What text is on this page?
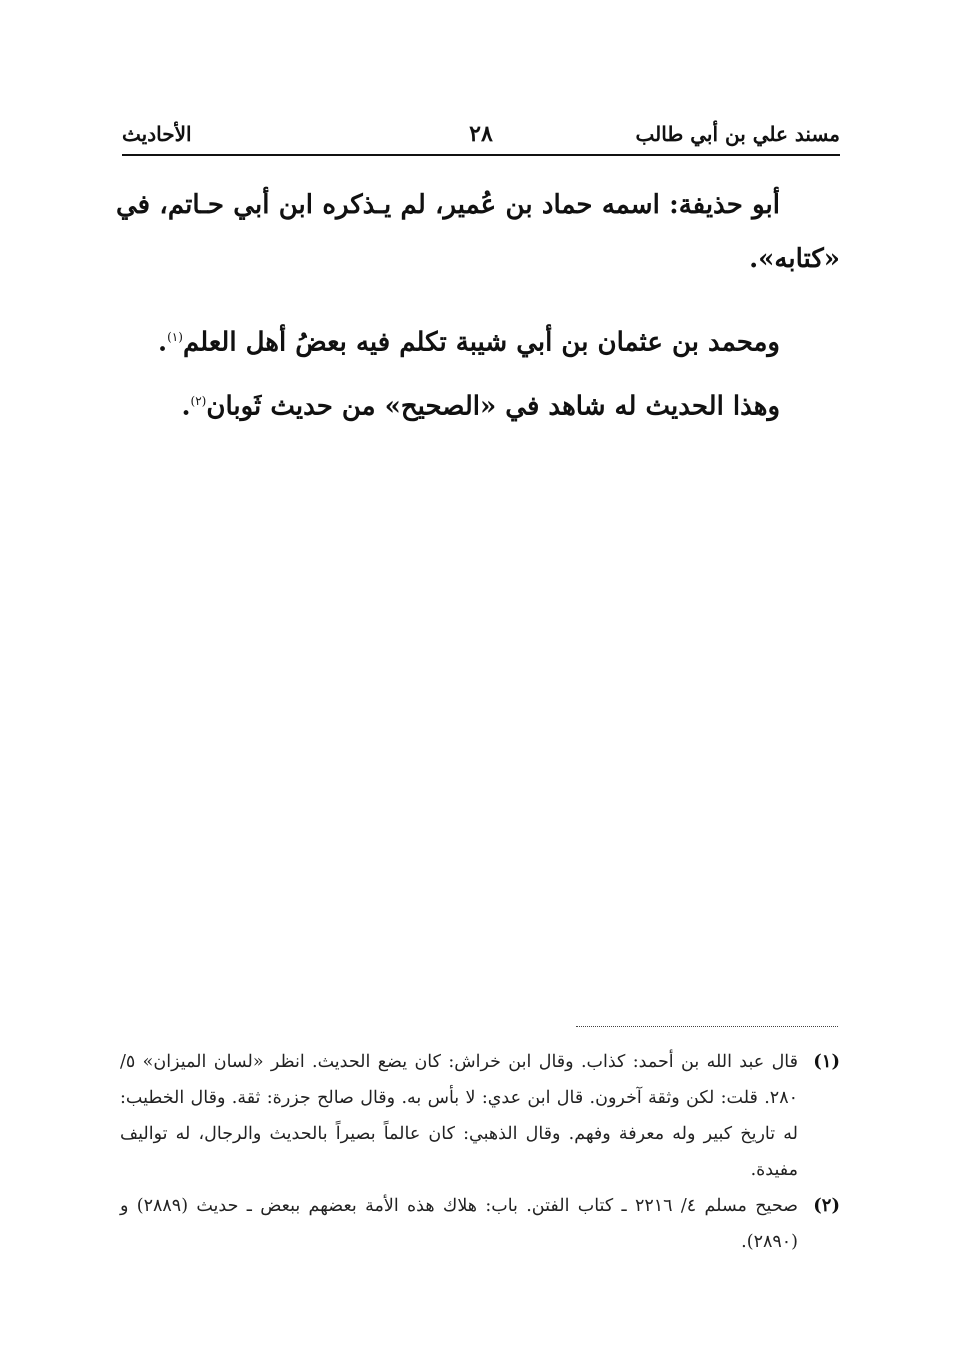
مسند علي بن أبي طالب
٢٨
الأحاديث

أبو حذيفة: اسمه حماد بن عُمير، لم يـذكره ابن أبي حـاتم، في «كتابه».

ومحمد بن عثمان بن أبي شيبة تكلم فيه بعضُ أهل العلم$^{(١)}$.

وهذا الحديث له شاهد في «الصحيح» من حديث ثَوبان$^{(٢)}$.

(١)
قال عبد الله بن أحمد: كذاب. وقال ابن خراش: كان يضع الحديث. انظر «لسان الميزان» ٥/ ٢٨٠. قلت: لكن وثقة آخرون. قال ابن عدي: لا بأس به. وقال صالح جزرة: ثقة. وقال الخطيب: له تاريخ كبير وله معرفة وفهم. وقال الذهبي: كان عالماً بصيراً بالحديث والرجال، له تواليف مفيدة.
(٢)
صحيح مسلم ٤/ ٢٢١٦ ـ كتاب الفتن. باب: هلاك هذه الأمة بعضهم ببعض ـ حديث (٢٨٨٩) و (٢٨٩٠).
